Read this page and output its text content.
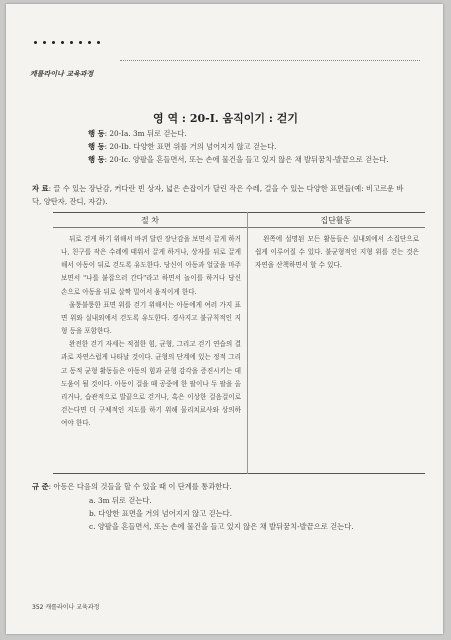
캐롤라이나 교육과정
영 역 : 20-Ⅰ. 움직이기 : 걷기
행 동: 20-Ia. 3m 뒤로 걷는다.
행 동: 20-Ib. 다양한 표면 위를 거의 넘어지지 않고 걷는다.
행 동: 20-Ic. 양팔을 흔들면서, 또는 손에 물건을 들고 있지 않은 채 발뒤꿈치-발끝으로 걷는다.
자 료: 끌 수 있는 장난감, 커다란 빈 상자, 넓은 손잡이가 달린 작은 수레, 걸을 수 있는 다양한 표면들(예: 비고르운 바닥, 양탄자, 잔디, 자갈).
절 차	집단활동

뒤로 걷게 하기 위해서 바퀴 달린 장난감을 보면서 끌게 하거나, 친구를 작은 수레에 태워서 끌게 하거나, 상자를 뒤로 끌게 해서 아동이 뒤로 걷도록 유도한다. 당신이 아동과 얼굴을 마주 보면서 "나를 붙잡으러 간다"라고 하면서 놀이를 하거나 당신 손으로 아동을 뒤로 살짝 밀어서 움직이게 한다.

울퉁불퉁한 표면 위를 걷기 위해서는 아동에게 여러 가지 표면 위와 실내외에서 걷도록 유도한다. 경사지고 불규칙적인 지형 등을 포함한다.

완전한 걷기 자세는 적절한 힘, 균형, 그리고 걷기 연습의 결과로 자연스럽게 나타날 것이다. 균형의 단계에 있는 정적 그리고 동적 균형 활동들은 아동의 힘과 균형 감각을 증진시키는 데 도움이 될 것이다. 아동이 걸을 때 공중에 한 팔이나 두 팔을 올리거나, 습관적으로 발끝으로 걷거나, 혹은 이상한 걸음걸이로 걷는다면 더 구체적인 지도를 하기 위해 물리치료사와 상의하여야 한다.

왼쪽에 설명된 모든 활동들은 실내외에서 소집단으로 쉽게 이루어질 수 있다. 불균형적인 지형 위를 걷는 것은 자연을 산책하면서 할 수 있다.

규 준: 아동은 다음의 것들을 할 수 있을 때 이 단계를 통과한다.
a. 3m 뒤로 걷는다.
b. 다양한 표면을 거의 넘어지지 않고 걷는다.
c. 양팔을 흔들면서, 또는 손에 물건을 들고 있지 않은 채 발뒤꿈치-발끝으로 걷는다.
352 캐롤라이나 교육과정
